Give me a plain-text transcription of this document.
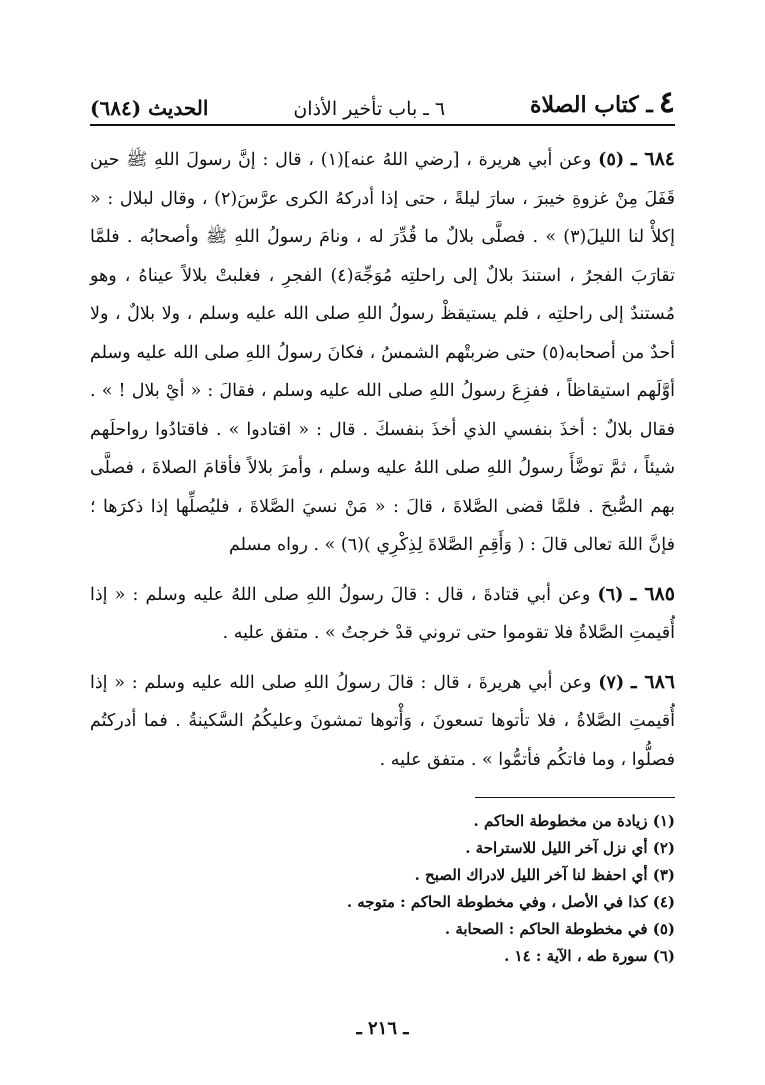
٤ـ كتاب الصلاة
٦ ـ باب تأخير الأذان
الحديث (٦٨٤)

٦٨٤ ـ (٥) وعن أبي هريرة ، [رضي اللهُ عنه](١) ، قال : إنَّ رسولَ اللهِ ﷺ حين قَفَلَ مِنْ غزوةِ خيبرَ ، سارَ ليلةً ، حتى إذا أدركهُ الكرى عرَّسَ(٢) ، وقال لبلال : « إكلأْ لنا الليلَ(٣) » . فصلَّى بلالٌ ما قُدِّرَ له ، ونامَ رسولُ اللهِ ﷺ وأصحابُه . فلمَّا تقارَبَ الفجرُ ، استندَ بلالٌ إلى راحلتِه مُوَجِّهَ(٤) الفجرِ ، فغلبتْ بلالاً عيناهُ ، وهو مُستندٌ إلى راحلتِه ، فلم يستيقظْ رسولُ اللهِ صلى الله عليه وسلم ، ولا بلالٌ ، ولا أحدٌ من أصحابه(٥) حتى ضربتْهم الشمسُ ، فكانَ رسولُ اللهِ صلى الله عليه وسلم أوَّلَهم استيقاظاً ، ففزِعَ رسولُ اللهِ صلى الله عليه وسلم ، فقالَ : « أيْ بلال ! » . فقال بلالٌ : أخذَ بنفسي الذي أخذَ بنفسكَ . قال : « اقتادوا » . فاقتادُوا رواحلَهم شيئاً ، ثمَّ توضَّأَ رسولُ اللهِ صلى اللهُ عليه وسلم ، وأمرَ بلالاً فأقامَ الصلاةَ ، فصلَّى بهم الصُّبحَ . فلمَّا قضى الصَّلاةَ ، قالَ : « مَنْ نسيَ الصَّلاةَ ، فليُصلِّها إذا ذكرَها ؛ فإنَّ اللهَ تعالى قالَ : ( وَأَقِمِ الصَّلاةَ لِذِكْرِي )(٦) » . رواه مسلم

٦٨٥ ـ (٦) وعن أبي قتادةَ ، قال : قالَ رسولُ اللهِ صلى اللهُ عليه وسلم : « إذا أُقيمتِ الصَّلاةُ فلا تقوموا حتى تروني قدْ خرجتُ » . متفق عليه .

٦٨٦ ـ (٧) وعن أبي هريرةَ ، قال : قالَ رسولُ اللهِ صلى الله عليه وسلم : « إذا أُقيمتِ الصَّلاةُ ، فلا تأتوها تسعونَ ، وَأْتوها تمشونَ وعليكُمُ السَّكينةُ . فما أدركتُم فصلُّوا ، وما فاتكُم فأتمُّوا » . متفق عليه .

(١) زيادة من مخطوطة الحاكم .
(٢) أي نزل آخر الليل للاستراحة .
(٣) أي احفظ لنا آخر الليل لادراك الصبح .
(٤) كذا في الأصل ، وفي مخطوطة الحاكم : متوجه .
(٥) في مخطوطة الحاكم : الصحابة .
(٦) سورة طه ، الآية : ١٤ .
ـ ٢١٦ ـ
